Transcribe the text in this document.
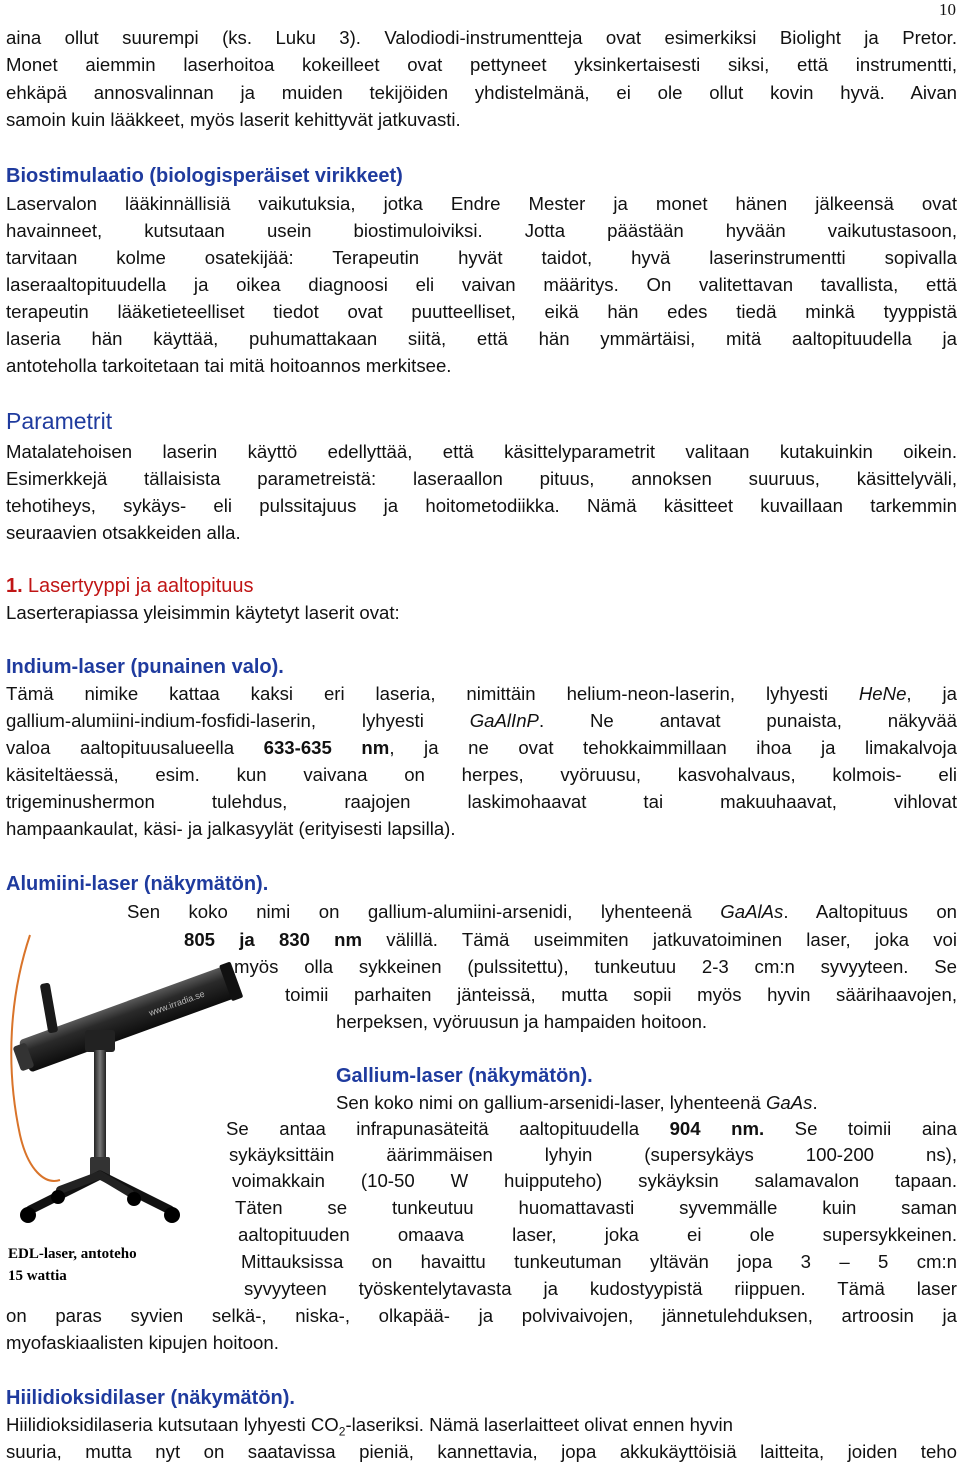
10
aina ollut suurempi (ks. Luku 3). Valodiodi-instrumentteja ovat esimerkiksi Biolight ja Pretor.
Monet aiemmin laserhoitoa kokeilleet ovat pettyneet yksinkertaisesti siksi, että instrumentti,
ehkäpä annosvalinnan ja muiden tekijöiden yhdistelmänä, ei ole ollut kovin hyvä. Aivan
samoin kuin lääkkeet, myös laserit kehittyvät jatkuvasti.
Biostimulaatio (biologisperäiset virikkeet)
Laservalon lääkinnällisiä vaikutuksia, jotka Endre Mester ja monet hänen jälkeensä ovat
havainneet, kutsutaan usein biostimuloiviksi. Jotta päästään hyvään vaikutustasoon,
tarvitaan kolme osatekijää: Terapeutin hyvät taidot, hyvä laserinstrumentti sopivalla
laseraaltopituudella ja oikea diagnoosi eli vaivan määritys. On valitettavan tavallista, että
terapeutin lääketieteelliset tiedot ovat puutteelliset, eikä hän edes tiedä minkä tyyppistä
laseria hän käyttää, puhumattakaan siitä, että hän ymmärtäisi, mitä aaltopituudella ja
antoteholla tarkoitetaan tai mitä hoitoannos merkitsee.
Parametrit
Matalatehoisen laserin käyttö edellyttää, että käsittelyparametrit valitaan kutakuinkin oikein.
Esimerkkejä tällaisista parametreistä: laseraallon pituus, annoksen suuruus, käsittelyväli,
tehotiheys, sykäys- eli pulssitajuus ja hoitometodiikka. Nämä käsitteet kuvaillaan tarkemmin
seuraavien otsakkeiden alla.
1. Lasertyyppi ja aaltopituus
Laserterapiassa yleisimmin käytetyt laserit ovat:
Indium-laser (punainen valo).
Tämä nimike kattaa kaksi eri laseria, nimittäin helium-neon-laserin, lyhyesti HeNe, ja
gallium-alumiini-indium-fosfidi-laserin, lyhyesti GaAlInP. Ne antavat punaista, näkyvää
valoa aaltopituusalueella 633-635 nm, ja ne ovat tehokkaimmillaan ihoa ja limakalvoja
käsiteltäessä, esim. kun vaivana on herpes, vyöruusu, kasvohalvaus, kolmois- eli
trigeminushermon tulehdus, raajojen laskimohaavat tai makuuhaavat, vihlovat
hampaankaulat, käsi- ja jalkasyylät (erityisesti lapsilla).
Alumiini-laser (näkymätön).
Sen koko nimi on gallium-alumiini-arsenidi, lyhenteenä GaAlAs. Aaltopituus on
805 ja 830 nm välillä. Tämä useimmiten jatkuvatoiminen laser, joka voi
myös olla sykkeinen (pulssitettu), tunkeutuu 2-3 cm:n syvyyteen. Se
toimii parhaiten jänteissä, mutta sopii myös hyvin säärihaavojen,
herpeksen, vyöruusun ja hampaiden hoitoon.
Gallium-laser (näkymätön).
Sen koko nimi on gallium-arsenidi-laser, lyhenteenä GaAs.
Se antaa infrapunasäteitä aaltopituudella 904 nm. Se toimii aina
sykäyksittäin äärimmäisen lyhyin (supersykäys 100-200 ns),
voimakkain (10-50 W huipputeho) sykäyksin salamavalon tapaan.
Täten se tunkeutuu huomattavasti syvemmälle kuin saman
aaltopituuden omaava laser, joka ei ole supersykkeinen.
Mittauksissa on havaittu tunkeutuman yltävän jopa 3 – 5 cm:n
syvyyteen työskentelytavasta ja kudostyypistä riippuen. Tämä laser
on paras syvien selkä-, niska-, olkapää- ja polvivaivojen, jännetulehduksen, artroosin ja
myofaskiaalisten kipujen hoitoon.
www.irradia.se
EDL-laser, antoteho
15 wattia
Hiilidioksidilaser (näkymätön).
Hiilidioksidilaseria kutsutaan lyhyesti $CO_2$-laseriksi. Nämä laserlaitteet olivat ennen hyvin
suuria, mutta nyt on saatavissa pieniä, kannettavia, jopa akkukäyttöisiä laitteita, joiden teho
